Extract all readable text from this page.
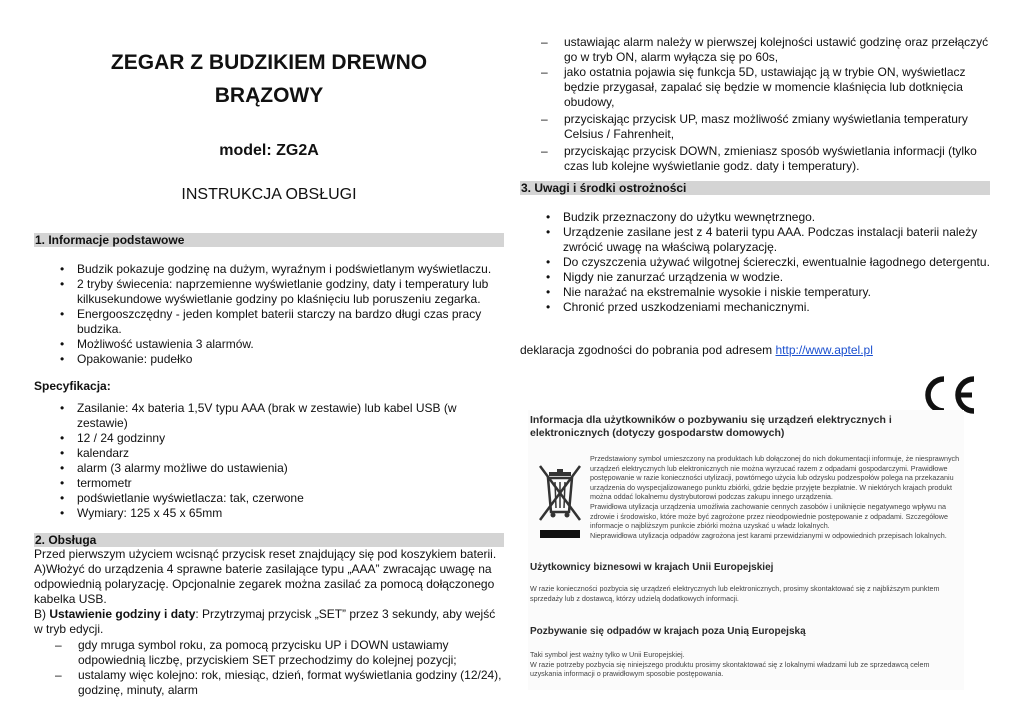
ZEGAR Z BUDZIKIEM DREWNO
BRĄZOWY
model: ZG2A
INSTRUKCJA OBSŁUGI
1. Informacje podstawowe
• Budzik pokazuje godzinę na dużym, wyraźnym i podświetlanym wyświetlaczu.
• 2 tryby świecenia: naprzemienne wyświetlanie godziny, daty i temperatury lub kilkusekundowe wyświetlanie godziny po klaśnięciu lub poruszeniu zegarka.
• Energooszczędny - jeden komplet baterii starczy na bardzo długi czas pracy budzika.
• Możliwość ustawienia 3 alarmów.
• Opakowanie: pudełko
Specyfikacja:
• Zasilanie: 4x bateria 1,5V typu AAA (brak w zestawie) lub kabel USB (w zestawie)
• 12 / 24 godzinny
• kalendarz
• alarm (3 alarmy możliwe do ustawienia)
• termometr
• podświetlanie wyświetlacza: tak, czerwone
• Wymiary: 125 x 45 x 65mm
2. Obsługa
Przed pierwszym użyciem wcisnąć przycisk reset znajdujący się pod koszykiem baterii.
A)Włożyć do urządzenia 4 sprawne baterie zasilające typu „AAA” zwracając uwagę na odpowiednią polaryzację. Opcjonalnie zegarek można zasilać za pomocą dołączonego kabelka USB.
B) Ustawienie godziny i daty: Przytrzymaj przycisk „SET” przez 3 sekundy, aby wejść w tryb edycji.
– gdy mruga symbol roku, za pomocą przycisku UP i DOWN ustawiamy odpowiednią liczbę, przyciskiem SET przechodzimy do kolejnej pozycji;
– ustalamy więc kolejno: rok, miesiąc, dzień, format wyświetlania godziny (12/24), godzinę, minuty, alarm
– ustawiając alarm należy w pierwszej kolejności ustawić godzinę oraz przełączyć go w tryb ON, alarm wyłącza się po 60s,
– jako ostatnia pojawia się funkcja 5D, ustawiając ją w trybie ON, wyświetlacz będzie przygasał, zapalać się będzie w momencie klaśnięcia lub dotknięcia obudowy,
– przyciskając przycisk UP, masz możliwość zmiany wyświetlania temperatury Celsius / Fahrenheit,
– przyciskając przycisk DOWN, zmieniasz sposób wyświetlania informacji (tylko czas lub kolejne wyświetlanie godz. daty i temperatury).
3. Uwagi i środki ostrożności
• Budzik przeznaczony do użytku wewnętrznego.
• Urządzenie zasilane jest z 4 baterii typu AAA. Podczas instalacji baterii należy zwrócić uwagę na właściwą polaryzację.
• Do czyszczenia używać wilgotnej ściereczki, ewentualnie łagodnego detergentu.
• Nigdy nie zanurzać urządzenia w wodzie.
• Nie narażać na ekstremalnie wysokie i niskie temperatury.
• Chronić przed uszkodzeniami mechanicznymi.
deklaracja zgodności do pobrania pod adresem http://www.aptel.pl
Informacja dla użytkowników o pozbywaniu się urządzeń elektrycznych i elektronicznych (dotyczy gospodarstw domowych)
Przedstawiony symbol umieszczony na produktach lub dołączonej do nich dokumentacji informuje, że niesprawnych urządzeń elektrycznych lub elektronicznych nie można wyrzucać razem z odpadami gospodarczymi. Prawidłowe postępowanie w razie konieczności utylizacji, powtórnego użycia lub odzysku podzespołów polega na przekazaniu urządzenia do wyspecjalizowanego punktu zbiórki, gdzie będzie przyjęte bezpłatnie. W niektórych krajach produkt można oddać lokalnemu dystrybutorowi podczas zakupu innego urządzenia.
Prawidłowa utylizacja urządzenia umożliwia zachowanie cennych zasobów i uniknięcie negatywnego wpływu na zdrowie i środowisko, które może być zagrożone przez nieodpowiednie postępowanie z odpadami. Szczegółowe informacje o najbliższym punkcie zbiórki można uzyskać u władz lokalnych.
Nieprawidłowa utylizacja odpadów zagrożona jest karami przewidzianymi w odpowiednich przepisach lokalnych.
Użytkownicy biznesowi w krajach Unii Europejskiej
W razie konieczności pozbycia się urządzeń elektrycznych lub elektronicznych, prosimy skontaktować się z najbliższym punktem sprzedaży lub z dostawcą, którzy udzielą dodatkowych informacji.
Pozbywanie się odpadów w krajach poza Unią Europejską
Taki symbol jest ważny tylko w Unii Europejskiej.
W razie potrzeby pozbycia się niniejszego produktu prosimy skontaktować się z lokalnymi władzami lub ze sprzedawcą celem uzyskania informacji o prawidłowym sposobie postępowania.
